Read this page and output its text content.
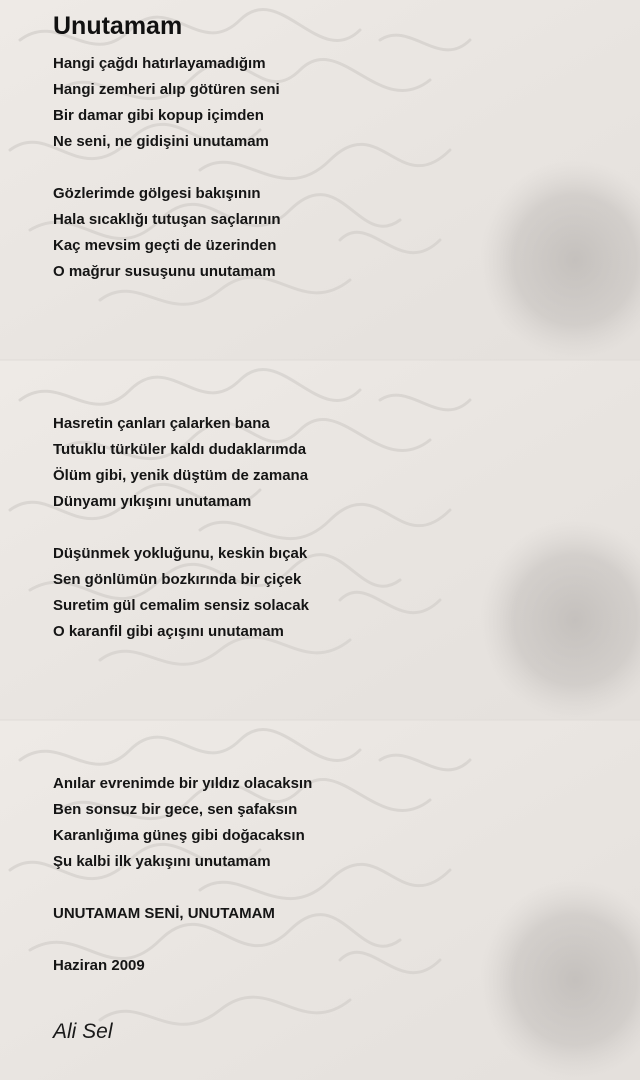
Unutamam
Hangi çağdı hatırlayamadığım
Hangi zemheri alıp götüren seni
Bir damar gibi kopup içimden
Ne seni, ne gidişini unutamam
Gözlerimde gölgesi bakışının
Hala sıcaklığı tutuşan saçlarının
Kaç mevsim geçti de üzerinden
O mağrur susuşunu unutamam
Hasretin çanları çalarken bana
Tutuklu türküler kaldı dudaklarımda
Ölüm gibi, yenik düştüm de zamana
Dünyamı yıkışını unutamam
Düşünmek yokluğunu, keskin bıçak
Sen gönlümün bozkırında bir çiçek
Suretim gül cemalim sensiz solacak
O karanfil gibi açışını unutamam
Anılar evrenimde bir yıldız olacaksın
Ben sonsuz bir gece, sen şafaksın
Karanlığıma güneş gibi doğacaksın
Şu kalbi ilk yakışını unutamam
UNUTAMAM SENİ, UNUTAMAM
Haziran 2009
Ali Sel
